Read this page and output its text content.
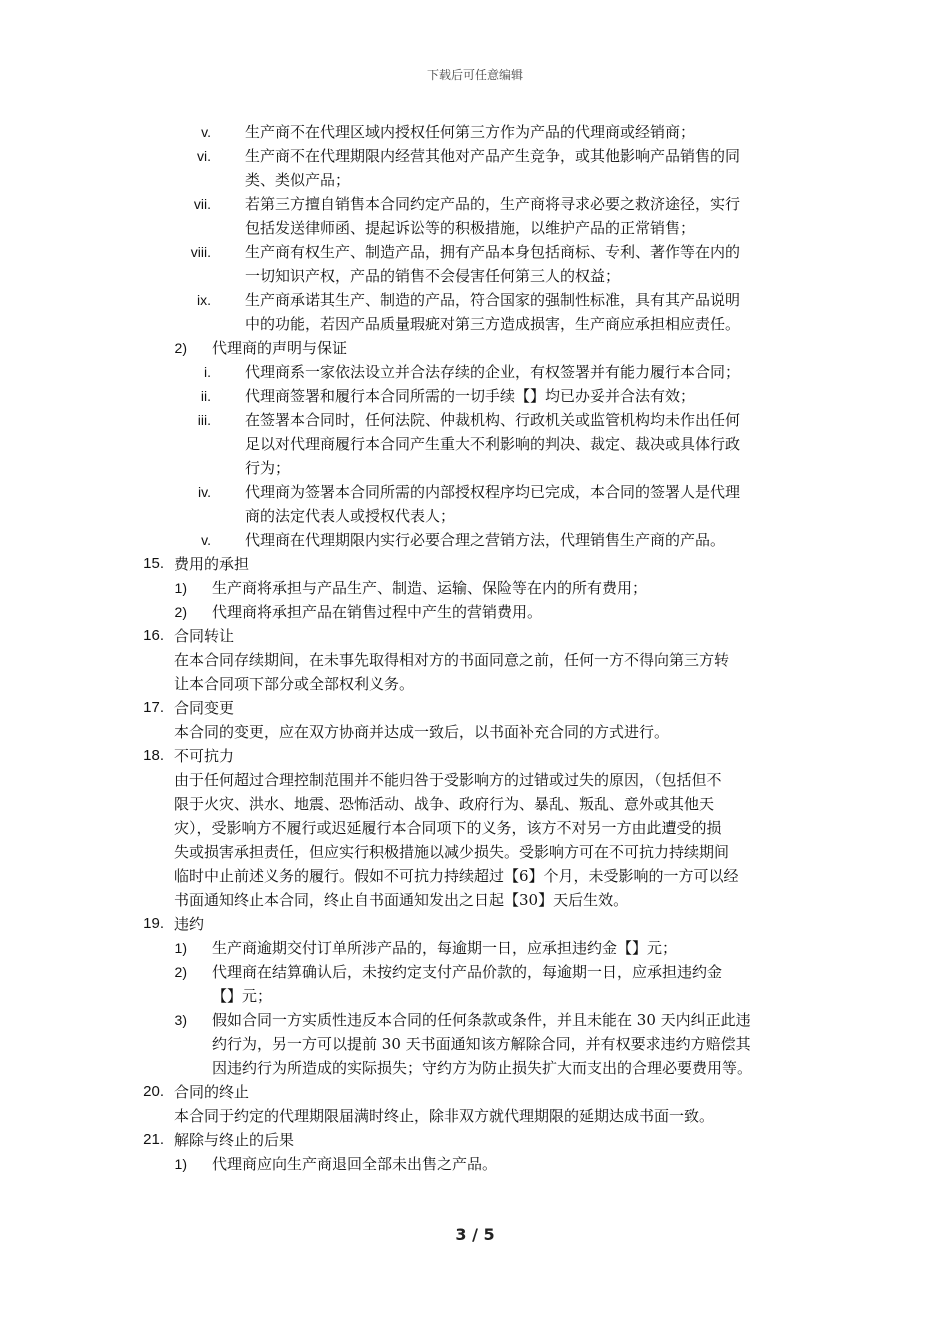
下载后可任意编辑
v. 生产商不在代理区域内授权任何第三方作为产品的代理商或经销商；
vi. 生产商不在代理期限内经营其他对产品产生竞争，或其他影响产品销售的同
类、类似产品；
vii. 若第三方擅自销售本合同约定产品的，生产商将寻求必要之救济途径，实行
包括发送律师函、提起诉讼等的积极措施，以维护产品的正常销售；
viii. 生产商有权生产、制造产品，拥有产品本身包括商标、专利、著作等在内的
一切知识产权，产品的销售不会侵害任何第三人的权益；
ix. 生产商承诺其生产、制造的产品，符合国家的强制性标准，具有其产品说明
中的功能，若因产品质量瑕疵对第三方造成损害，生产商应承担相应责任。
2) 代理商的声明与保证
i. 代理商系一家依法设立并合法存续的企业，有权签署并有能力履行本合同；
ii. 代理商签署和履行本合同所需的一切手续【】均已办妥并合法有效；
iii. 在签署本合同时，任何法院、仲裁机构、行政机关或监管机构均未作出任何
足以对代理商履行本合同产生重大不利影响的判决、裁定、裁决或具体行政
行为；
iv. 代理商为签署本合同所需的内部授权程序均已完成，本合同的签署人是代理
商的法定代表人或授权代表人；
v. 代理商在代理期限内实行必要合理之营销方法，代理销售生产商的产品。
15. 费用的承担
1) 生产商将承担与产品生产、制造、运输、保险等在内的所有费用；
2) 代理商将承担产品在销售过程中产生的营销费用。
16. 合同转让
在本合同存续期间，在未事先取得相对方的书面同意之前，任何一方不得向第三方转
让本合同项下部分或全部权利义务。
17. 合同变更
本合同的变更，应在双方协商并达成一致后，以书面补充合同的方式进行。
18. 不可抗力
由于任何超过合理控制范围并不能归咎于受影响方的过错或过失的原因，（包括但不
限于火灾、洪水、地震、恐怖活动、战争、政府行为、暴乱、叛乱、意外或其他天
灾），受影响方不履行或迟延履行本合同项下的义务，该方不对另一方由此遭受的损
失或损害承担责任，但应实行积极措施以减少损失。受影响方可在不可抗力持续期间
临时中止前述义务的履行。假如不可抗力持续超过【6】个月，未受影响的一方可以经
书面通知终止本合同，终止自书面通知发出之日起【30】天后生效。
19. 违约
1) 生产商逾期交付订单所涉产品的，每逾期一日，应承担违约金【】元；
2) 代理商在结算确认后，未按约定支付产品价款的，每逾期一日，应承担违约金
【】元；
3) 假如合同一方实质性违反本合同的任何条款或条件，并且未能在 30 天内纠正此违
约行为，另一方可以提前 30 天书面通知该方解除合同，并有权要求违约方赔偿其
因违约行为所造成的实际损失；守约方为防止损失扩大而支出的合理必要费用等。
20. 合同的终止
本合同于约定的代理期限届满时终止，除非双方就代理期限的延期达成书面一致。
21. 解除与终止的后果
1) 代理商应向生产商退回全部未出售之产品。
3 / 5
